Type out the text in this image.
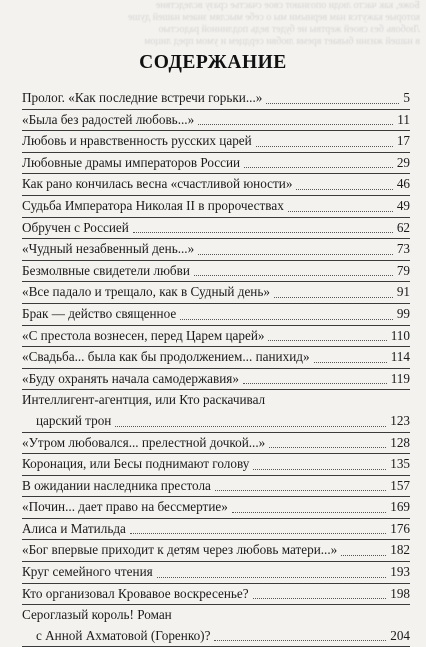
Боже, как часто люди опознают свое счастье сразу вследствие
которые кажутся нам верными мы о себе мыслям знаем нашей душе
Любовь без своей жертвы не будет ведь подлинной радостью
в нашей жизни бывает время любви сердцем и умом пред лицом
СОДЕРЖАНИЕ
Пролог. «Как последние встречи горьки...»	5
«Была без радостей любовь...»	11
Любовь и нравственность русских царей	17
Любовные драмы императоров России	29
Как рано кончилась весна «счастливой юности»	46
Судьба Императора Николая II в пророчествах	49
Обручен с Россией	62
«Чудный незабвенный день...»	73
Безмолвные свидетели любви	79
«Все падало и трещало, как в Судный день»	91
Брак — действо священное	99
«С престола вознесен, перед Царем царей»	110
«Свадьба... была как бы продолжением... панихид»	114
«Буду охранять начала самодержавия»	119
Интеллигент-агентция, или Кто раскачивал
царский трон	123
«Утром любовался... прелестной дочкой...»	128
Коронация, или Бесы поднимают голову	135
В ожидании наследника престола	157
«Почин... дает право на бессмертие»	169
Алиса и Матильда	176
«Бог впервые приходит к детям через любовь матери...»	182
Круг семейного чтения	193
Кто организовал Кровавое воскресенье?	198
Сероглазый король! Роман
с Анной Ахматовой (Горенко)?	204
